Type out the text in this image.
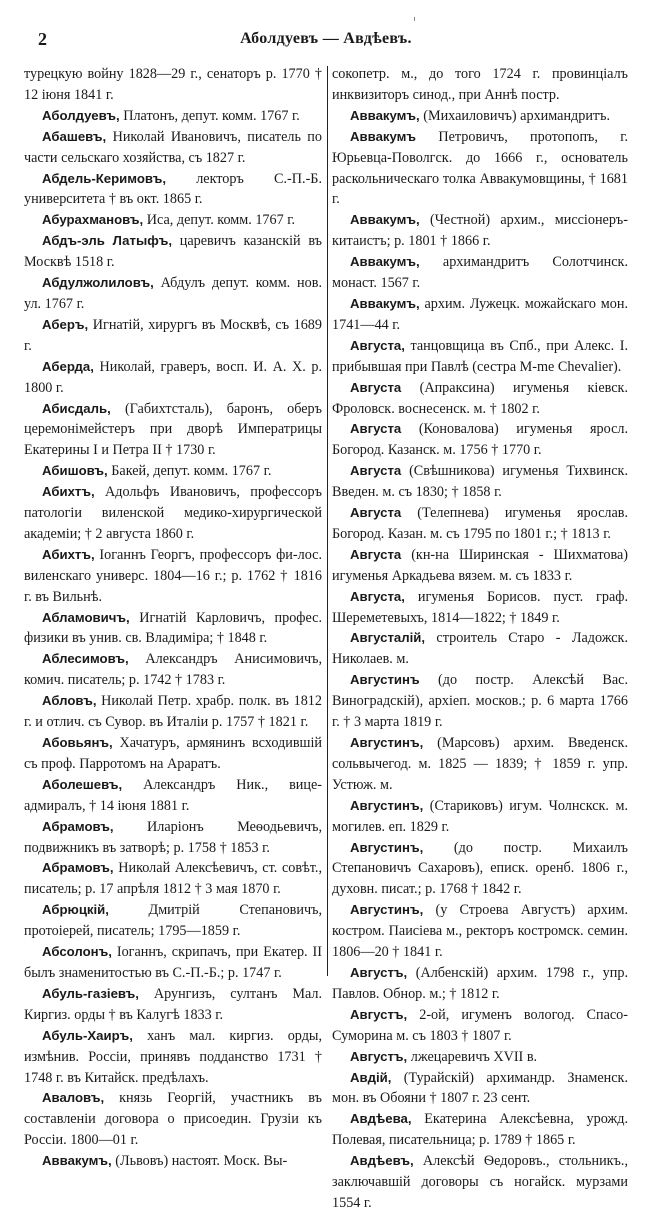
2	Аболдуевъ — Авдѣевъ.

турецкую войну 1828—29 г., сенаторъ р. 1770 † 12 іюня 1841 г.

Аболдуевъ, Платонъ, депут. комм. 1767 г.

Абашевъ, Николай Ивановичъ, писатель по части сельскаго хозяйства, съ 1827 г.

Абдель-Керимовъ, лекторъ С.-П.-Б. университета † въ окт. 1865 г.

Абурахмановъ, Иса, депут. комм. 1767 г.

Абдъ-эль Латыфъ, царевичъ казанскій въ Москвѣ 1518 г.

Абдулжолиловъ, Абдулъ депут. комм. нов. ул. 1767 г.

Аберъ, Игнатій, хирургъ въ Москвѣ, съ 1689 г.

Аберда, Николай, граверъ, восп. И. А. Х. р. 1800 г.

Абисдаль, (Габихтсталь), баронъ, оберъ церемонімейстеръ при дворѣ Императрицы Екатерины I и Петра II † 1730 г.

Абишовъ, Бакей, депут. комм. 1767 г.

Абихтъ, Адольфъ Ивановичъ, профессоръ патологіи виленской медико-хирургической академіи; † 2 августа 1860 г.

Абихтъ, Іоганнъ Георгъ, профессоръ фи-лос. виленскаго универс. 1804—16 г.; р. 1762 † 1816 г. въ Вильнѣ.

Абламовичъ, Игнатій Карловичъ, профес. физики въ унив. св. Владиміра; † 1848 г.

Аблесимовъ, Александръ Анисимовичъ, комич. писатель; р. 1742 † 1783 г.

Абловъ, Николай Петр. храбр. полк. въ 1812 г. и отлич. съ Сувор. въ Италіи р. 1757 † 1821 г.

Абовьянъ, Хачатуръ, армянинъ всходившій съ проф. Парротомъ на Араратъ.

Аболешевъ, Александръ Ник., вице-адмиралъ, † 14 іюня 1881 г.

Абрамовъ, Иларіонъ Меѳодьевичъ, подвижникъ въ затворѣ; р. 1758 † 1853 г.

Абрамовъ, Николай Алексѣевичъ, ст. совѣт., писатель; р. 17 апрѣля 1812 † 3 мая 1870 г.

Абрюцкій, Дмитрій Степановичъ, протоіерей, писатель; 1795—1859 г.

Абсолонъ, Іоганнъ, скрипачъ, при Екатер. II былъ знаменитостью въ С.-П.-Б.; р. 1747 г.

Абуль-газіевъ, Арунгизъ, султанъ Мал. Киргиз. орды † въ Калугѣ 1833 г.

Абуль-Хаиръ, ханъ мал. киргиз. орды, измѣнив. Россіи, принявъ подданство 1731 † 1748 г. въ Китайск. предѣлахъ.

Аваловъ, князь Георгій, участникъ въ составленіи договора о присоедин. Грузіи къ Россіи. 1800—01 г.

Аввакумъ, (Львовъ) настоят. Моск. Вы-

сокопетр. м., до того 1724 г. провинціалъ инквизиторъ синод., при Аннѣ постр.

Аввакумъ, (Михаиловичъ) архимандритъ.

Аввакумъ Петровичъ, протопопъ, г. Юрьевца-Поволгск. до 1666 г., основатель раскольническаго толка Аввакумовщины, † 1681 г.

Аввакумъ, (Честной) архим., миссіонеръ-китаистъ; р. 1801 † 1866 г.

Аввакумъ, архимандритъ Солотчинск. монаст. 1567 г.

Аввакумъ, архим. Лужецк. можайскаго мон. 1741—44 г.

Августа, танцовщица въ Спб., при Алекс. I. прибывшая при Павлѣ (сестра M-me Chevalier).

Августа (Апраксина) игуменья кіевск. Фроловск. воснесенск. м. † 1802 г.

Августа (Коновалова) игуменья яросл. Богород. Казанск. м. 1756 † 1770 г.

Августа (Свѣшникова) игуменья Тихвинск. Введен. м. съ 1830; † 1858 г.

Августа (Телепнева) игуменья ярослав. Богород. Казан. м. съ 1795 по 1801 г.; † 1813 г.

Августа (кн-на Ширинская - Шихматова) игуменья Аркадьева вязем. м. съ 1833 г.

Августа, игуменья Борисов. пуст. граф. Шереметевыхъ, 1814—1822; † 1849 г.

Августалій, строитель Старо - Ладожск. Николаев. м.

Августинъ (до постр. Алексѣй Вас. Виноградскій), архіеп. москов.; р. 6 марта 1766 г. † 3 марта 1819 г.

Августинъ, (Марсовъ) архим. Введенск. сольвычегод. м. 1825 — 1839; † 1859 г. упр. Устюж. м.

Августинъ, (Стариковъ) игум. Чолнскск. м. могилев. еп. 1829 г.

Августинъ, (до постр. Михаилъ Степановичъ Сахаровъ), еписк. оренб. 1806 г., духовн. писат.; р. 1768 † 1842 г.

Августинъ, (у Строева Августъ) архим. костром. Паисіева м., ректоръ костромск. семин. 1806—20 † 1841 г.

Августъ, (Албенскій) архим. 1798 г., упр. Павлов. Обнор. м.; † 1812 г.

Августъ, 2-ой, игуменъ вологод. Спасо-Суморина м. съ 1803 † 1807 г.

Августъ, лжецаревичъ XVII в.

Авдій, (Турайскій) архимандр. Знаменск. мон. въ Обояни † 1807 г. 23 сент.

Авдѣева, Екатерина Алексѣевна, урожд. Полевая, писательница; р. 1789 † 1865 г.

Авдѣевъ, Алексѣй Ѳедоровъ., стольникъ., заключавшій договоры съ ногайск. мурзами 1554 г.
